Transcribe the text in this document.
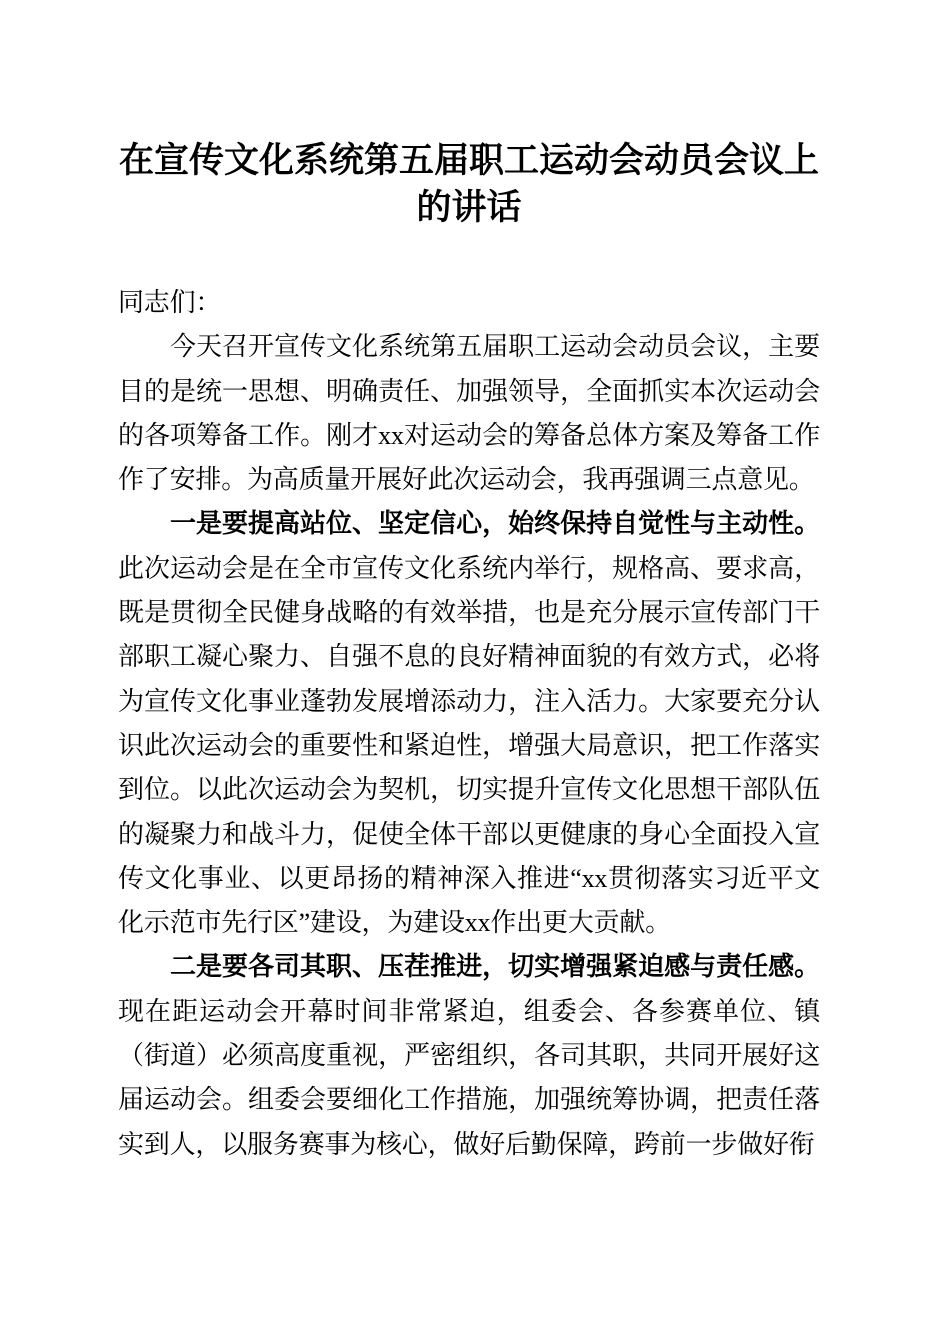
在宣传文化系统第五届职工运动会动员会议上的讲话

同志们：

今天召开宣传文化系统第五届职工运动会动员会议，主要目的是统一思想、明确责任、加强领导，全面抓实本次运动会的各项筹备工作。刚才xx对运动会的筹备总体方案及筹备工作作了安排。为高质量开展好此次运动会，我再强调三点意见。

一是要提高站位、坚定信心，始终保持自觉性与主动性。此次运动会是在全市宣传文化系统内举行，规格高、要求高，既是贯彻全民健身战略的有效举措，也是充分展示宣传部门干部职工凝心聚力、自强不息的良好精神面貌的有效方式，必将为宣传文化事业蓬勃发展增添动力，注入活力。大家要充分认识此次运动会的重要性和紧迫性，增强大局意识，把工作落实到位。以此次运动会为契机，切实提升宣传文化思想干部队伍的凝聚力和战斗力，促使全体干部以更健康的身心全面投入宣传文化事业、以更昂扬的精神深入推进“xx贯彻落实习近平文化示范市先行区”建设，为建设xx作出更大贡献。

二是要各司其职、压茬推进，切实增强紧迫感与责任感。现在距运动会开幕时间非常紧迫，组委会、各参赛单位、镇（街道）必须高度重视，严密组织，各司其职，共同开展好这届运动会。组委会要细化工作措施，加强统筹协调，把责任落实到人，以服务赛事为核心，做好后勤保障，跨前一步做好衔
